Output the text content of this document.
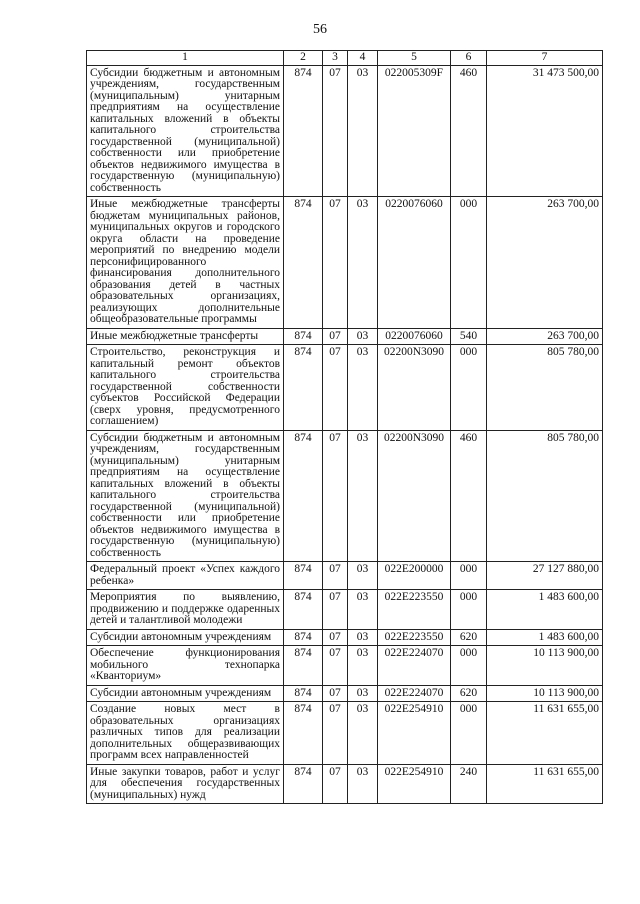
56
1	2	3	4	5	6	7
Субсидии бюджетным и автономным учреждениям, государственным (муниципальным) унитарным предприятиям на осуществление капитальных вложений в объекты капитального строительства государственной (муниципальной) собственности или приобретение объектов недвижимого имущества в государственную (муниципальную) собственность	874	07	03	022005309F	460	31 473 500,00
Иные межбюджетные трансферты бюджетам муниципальных районов, муниципальных округов и городского округа области на проведение мероприятий по внедрению модели персонифицированного финансирования дополнительного образования детей в частных образовательных организациях, реализующих дополнительные общеобразовательные программы	874	07	03	0220076060	000	263 700,00
Иные межбюджетные трансферты	874	07	03	0220076060	540	263 700,00
Строительство, реконструкция и капитальный ремонт объектов капитального строительства государственной собственности субъектов Российской Федерации (сверх уровня, предусмотренного соглашением)	874	07	03	02200N3090	000	805 780,00
Субсидии бюджетным и автономным учреждениям, государственным (муниципальным) унитарным предприятиям на осуществление капитальных вложений в объекты капитального строительства государственной (муниципальной) собственности или приобретение объектов недвижимого имущества в государственную (муниципальную) собственность	874	07	03	02200N3090	460	805 780,00
Федеральный проект «Успех каждого ребенка»	874	07	03	022E200000	000	27 127 880,00
Мероприятия по выявлению, продвижению и поддержке одаренных детей и талантливой молодежи	874	07	03	022E223550	000	1 483 600,00
Субсидии автономным учреждениям	874	07	03	022E223550	620	1 483 600,00
Обеспечение функционирования мобильного технопарка «Кванториум»	874	07	03	022E224070	000	10 113 900,00
Субсидии автономным учреждениям	874	07	03	022E224070	620	10 113 900,00
Создание новых мест в образовательных организациях различных типов для реализации дополнительных общеразвивающих программ всех направленностей	874	07	03	022E254910	000	11 631 655,00
Иные закупки товаров, работ и услуг для обеспечения государственных (муниципальных) нужд	874	07	03	022E254910	240	11 631 655,00
